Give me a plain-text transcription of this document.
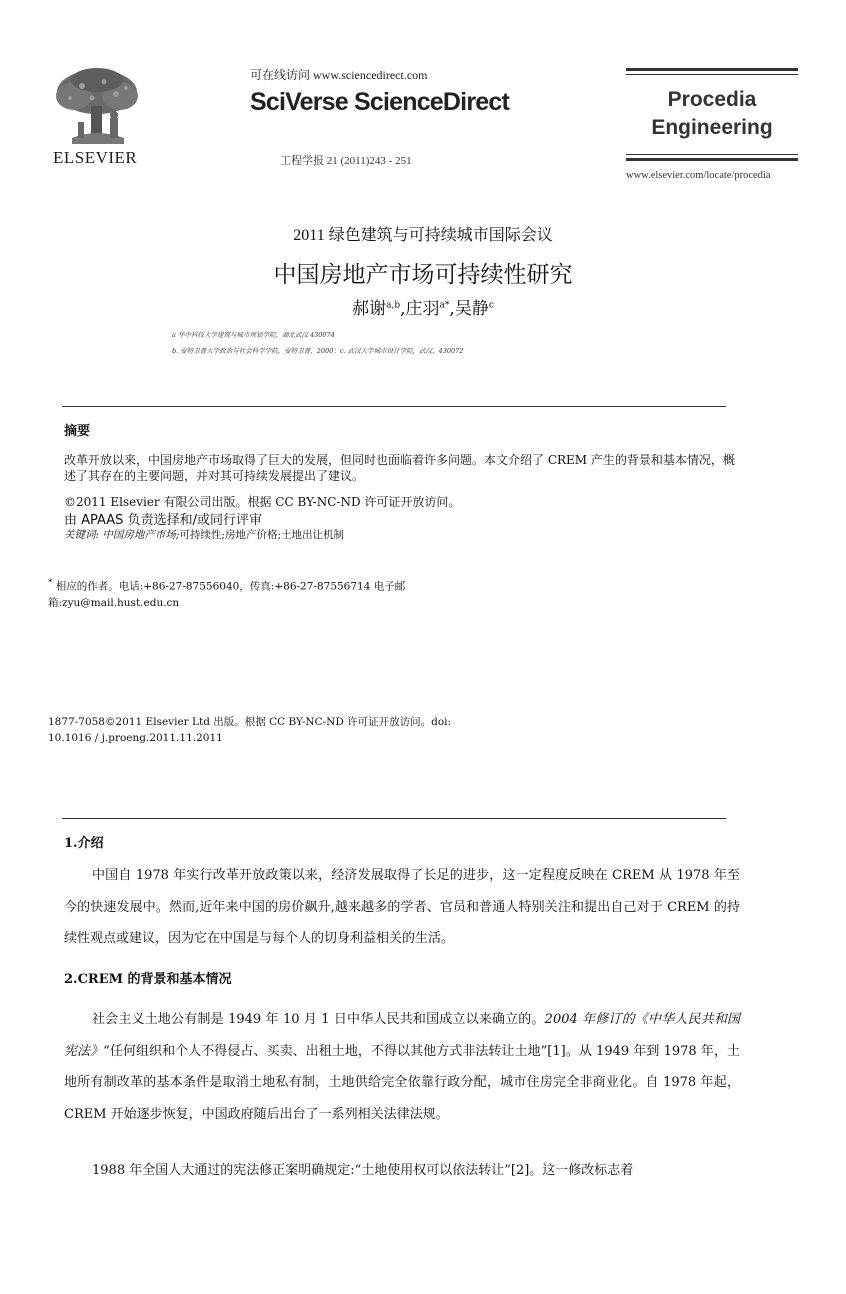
ELSEVIER
可在线访问 www.sciencedirect.com
SciVerse ScienceDirect
工程学报 21 (2011)243 - 251
Procedia
Engineering
www.elsevier.com/locate/procedia
2011 绿色建筑与可持续城市国际会议
中国房地产市场可持续性研究
郝谢$^{a,b}$,庄羽$^{a*}$,吴静$^c$
a 华中科技大学建筑与城市规划学院，湖北武汉 430074
b. 安特卫普大学政治与社会科学学院，安特卫普，2000；c. 武汉大学城市设计学院，武汉，430072
摘要
改革开放以来，中国房地产市场取得了巨大的发展，但同时也面临着许多问题。本文介绍了 CREM 产生的背景和基本情况，概述了其存在的主要问题，并对其可持续发展提出了建议。
©2011 Elsevier 有限公司出版。根据 CC BY-NC-ND 许可证开放访问。
由 APAAS 负责选择和/或同行评审
关键词: 中国房地产市场;可持续性;房地产价格;土地出让机制
* 相应的作者。电话:+86-27-87556040，传真:+86-27-87556714 电子邮箱:zyu@mail.hust.edu.cn
1877-7058©2011 Elsevier Ltd 出版。根据 CC BY-NC-ND 许可证开放访问。doi: 10.1016 / j.proeng.2011.11.2011
1.介绍
中国自 1978 年实行改革开放政策以来，经济发展取得了长足的进步，这一定程度反映在 CREM 从 1978 年至今的快速发展中。然而,近年来中国的房价飙升,越来越多的学者、官员和普通人特别关注和提出自己对于 CREM 的持续性观点或建议，因为它在中国是与每个人的切身利益相关的生活。
2.CREM 的背景和基本情况
社会主义土地公有制是 1949 年 10 月 1 日中华人民共和国成立以来确立的。2004 年修订的《中华人民共和国宪法》“任何组织和个人不得侵占、买卖、出租土地，不得以其他方式非法转让土地”[1]。从 1949 年到 1978 年，土地所有制改革的基本条件是取消土地私有制，土地供给完全依靠行政分配，城市住房完全非商业化。自 1978 年起，CREM 开始逐步恢复，中国政府随后出台了一系列相关法律法规。
1988 年全国人大通过的宪法修正案明确规定:“土地使用权可以依法转让”[2]。这一修改标志着
